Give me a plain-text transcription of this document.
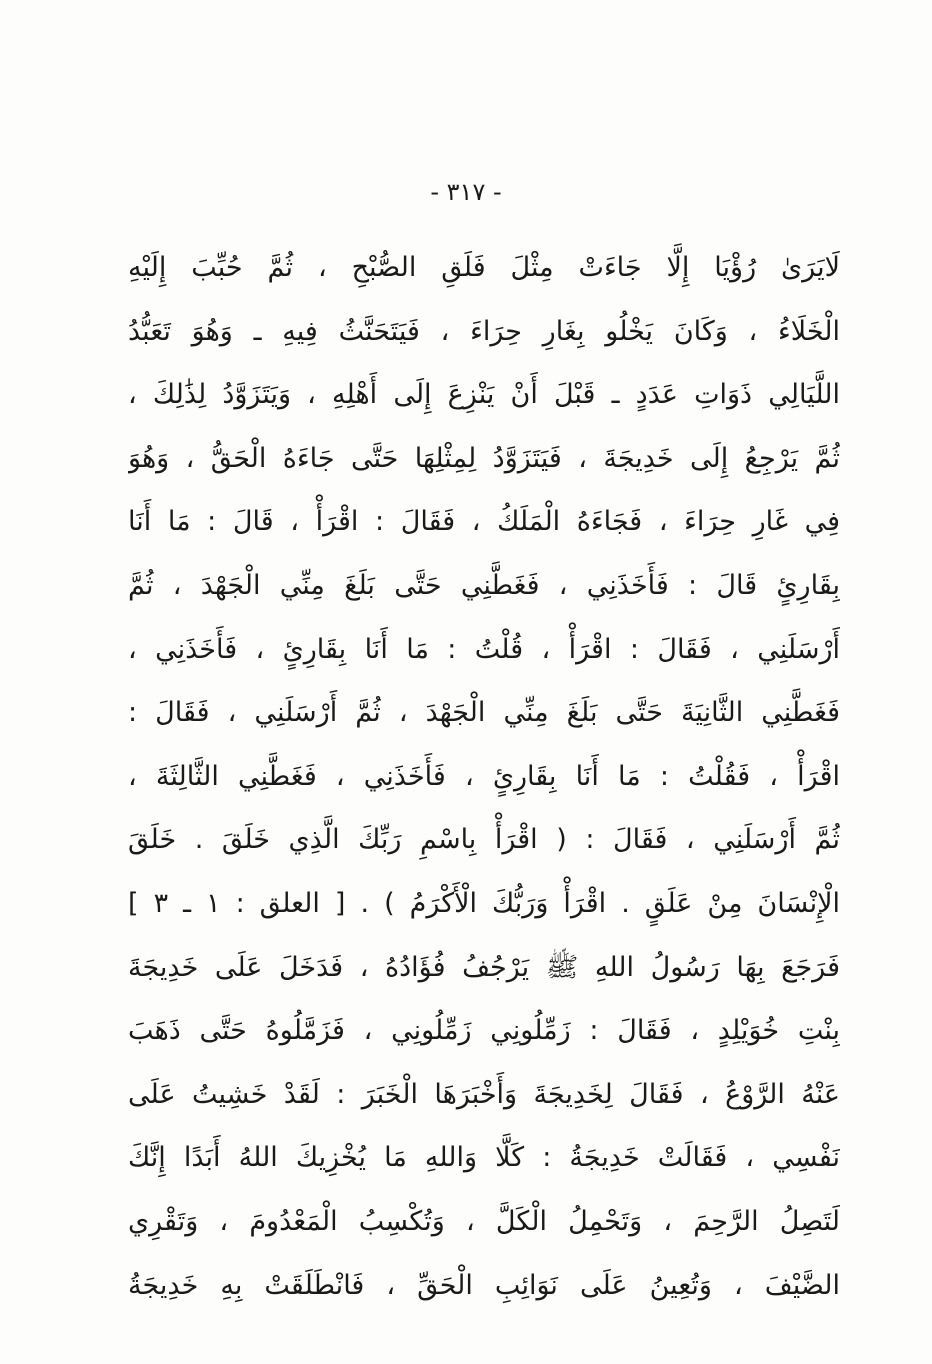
- ٣١٧ -
لَايَرَىٰ رُؤْيَا إِلَّا جَاءَتْ مِثْلَ فَلَقِ الصُّبْحِ ، ثُمَّ حُبِّبَ إِلَيْهِ
الْخَلَاءُ ، وَكَانَ يَخْلُو بِغَارِ حِرَاءَ ، فَيَتَحَنَّثُ فِيهِ ـ وَهُوَ تَعَبُّدُ
اللَّيَالِي ذَوَاتِ عَدَدٍ ـ قَبْلَ أَنْ يَنْزِعَ إِلَى أَهْلِهِ ، وَيَتَزَوَّدُ لِذَٰلِكَ ،
ثُمَّ يَرْجِعُ إِلَى خَدِيجَةَ ، فَيَتَزَوَّدُ لِمِثْلِهَا حَتَّى جَاءَهُ الْحَقُّ ، وَهُوَ
فِي غَارِ حِرَاءَ ، فَجَاءَهُ الْمَلَكُ ، فَقَالَ : اقْرَأْ ، قَالَ : مَا أَنَا
بِقَارِئٍ قَالَ : فَأَخَذَنِي ، فَغَطَّنِي حَتَّى بَلَغَ مِنِّي الْجَهْدَ ، ثُمَّ
أَرْسَلَنِي ، فَقَالَ : اقْرَأْ ، قُلْتُ : مَا أَنَا بِقَارِئٍ ، فَأَخَذَنِي ،
فَغَطَّنِي الثَّانِيَةَ حَتَّى بَلَغَ مِنِّي الْجَهْدَ ، ثُمَّ أَرْسَلَنِي ، فَقَالَ :
اقْرَأْ ، فَقُلْتُ : مَا أَنَا بِقَارِئٍ ، فَأَخَذَنِي ، فَغَطَّنِي الثَّالِثَةَ ،
ثُمَّ أَرْسَلَنِي ، فَقَالَ : ( اقْرَأْ بِاسْمِ رَبِّكَ الَّذِي خَلَقَ . خَلَقَ
الْإِنْسَانَ مِنْ عَلَقٍ . اقْرَأْ وَرَبُّكَ الْأَكْرَمُ ) . [ العلق : ١ ـ ٣ ]
فَرَجَعَ بِهَا رَسُولُ اللهِ ﷺ يَرْجُفُ فُؤَادُهُ ، فَدَخَلَ عَلَى خَدِيجَةَ
بِنْتِ خُوَيْلِدٍ ، فَقَالَ : زَمِّلُونِي زَمِّلُونِي ، فَزَمَّلُوهُ حَتَّى ذَهَبَ
عَنْهُ الرَّوْعُ ، فَقَالَ لِخَدِيجَةَ وَأَخْبَرَهَا الْخَبَرَ : لَقَدْ خَشِيتُ عَلَى
نَفْسِي ، فَقَالَتْ خَدِيجَةُ : كَلَّا وَاللهِ مَا يُخْزِيكَ اللهُ أَبَدًا إِنَّكَ
لَتَصِلُ الرَّحِمَ ، وَتَحْمِلُ الْكَلَّ ، وَتُكْسِبُ الْمَعْدُومَ ، وَتَقْرِي
الضَّيْفَ ، وَتُعِينُ عَلَى نَوَائِبِ الْحَقِّ ، فَانْطَلَقَتْ بِهِ خَدِيجَةُ
